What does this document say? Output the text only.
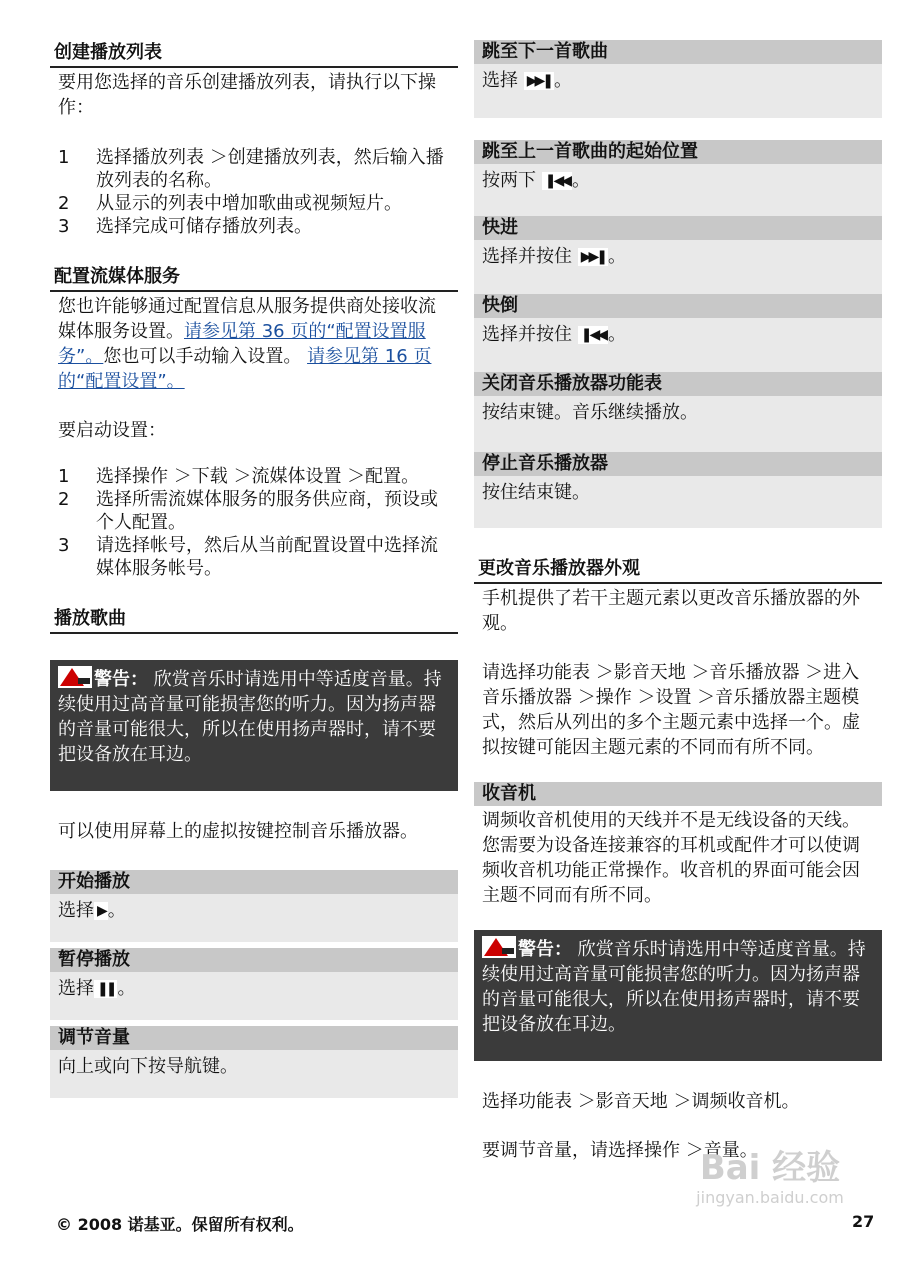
创建播放列表

要用您选择的音乐创建播放列表，请执行以下操作：

1	选择播放列表 ＞创建播放列表，然后输入播放列表的名称。
2	从显示的列表中增加歌曲或视频短片。
3	选择完成可储存播放列表。
配置流媒体服务

您也许能够通过配置信息从服务提供商处接收流媒体服务设置。请参见第 36 页的“配置设置服务”。您也可以手动输入设置。 请参见第 16 页的“配置设置”。

要启动设置：

1	选择操作 ＞下载 ＞流媒体设置 ＞配置。
2	选择所需流媒体服务的服务供应商，预设或个人配置。
3	请选择帐号，然后从当前配置设置中选择流媒体服务帐号。
播放歌曲
警告： 欣赏音乐时请选用中等适度音量。持续使用过高音量可能损害您的听力。因为扬声器的音量可能很大，所以在使用扬声器时，请不要把设备放在耳边。

可以使用屏幕上的虚拟按键控制音乐播放器。

开始播放
选择 ▶ 。
暂停播放
选择 ❚❚ 。
调节音量
向上或向下按导航键。
跳至下一首歌曲
选择 ▶▶❚ 。
跳至上一首歌曲的起始位置
按两下 ❚◀◀ 。
快进
选择并按住 ▶▶❚ 。
快倒
选择并按住 ❚◀◀ 。
关闭音乐播放器功能表
按结束键。音乐继续播放。
停止音乐播放器
按住结束键。
更改音乐播放器外观

手机提供了若干主题元素以更改音乐播放器的外观。

请选择功能表 ＞影音天地 ＞音乐播放器 ＞进入音乐播放器 ＞操作 ＞设置 ＞音乐播放器主题模式，然后从列出的多个主题元素中选择一个。虚拟按键可能因主题元素的不同而有所不同。

收音机

调频收音机使用的天线并不是无线设备的天线。您需要为设备连接兼容的耳机或配件才可以使调频收音机功能正常操作。收音机的界面可能会因主题不同而有所不同。

警告： 欣赏音乐时请选用中等适度音量。持续使用过高音量可能损害您的听力。因为扬声器的音量可能很大，所以在使用扬声器时，请不要把设备放在耳边。

选择功能表 ＞影音天地 ＞调频收音机。

要调节音量，请选择操作 ＞音量。

Bai 经验
jingyan.baidu.com
© 2008 诺基亚。保留所有权利。	27
